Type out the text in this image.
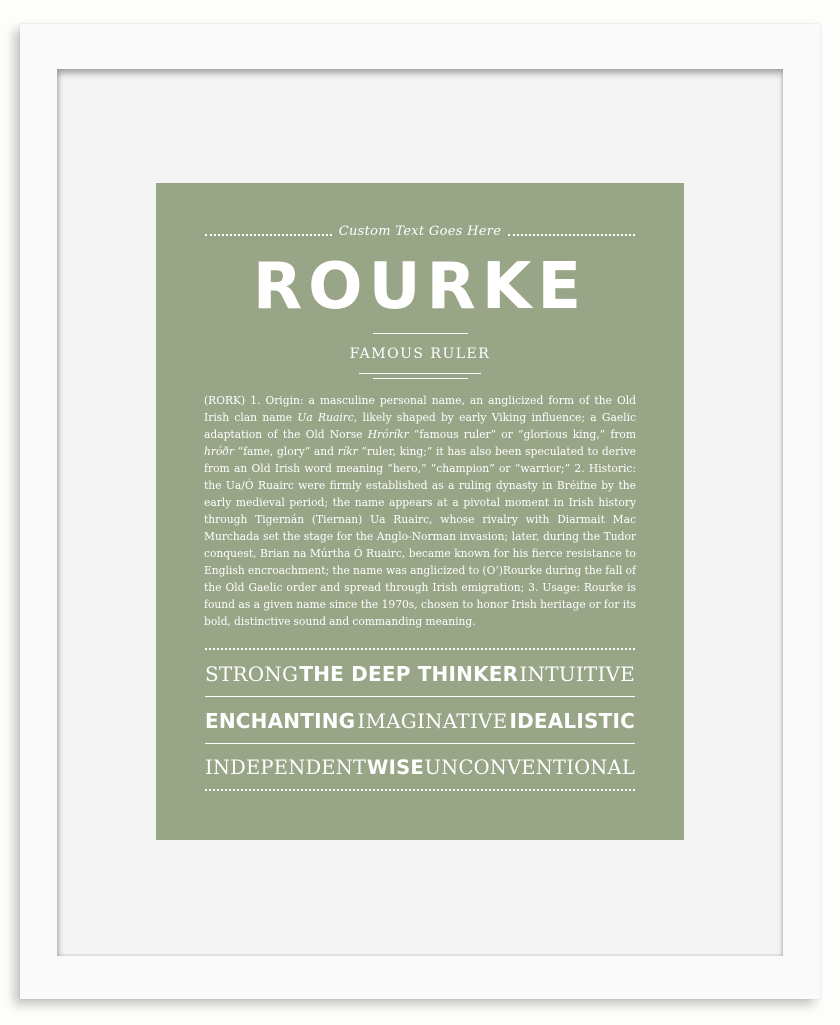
Custom Text Goes Here
ROURKE
FAMOUS RULER
(RORK) 1. Origin: a masculine personal name, an anglicized form of the Old Irish clan name Ua Ruairc, likely shaped by early Viking influence; a Gaelic adaptation of the Old Norse Hróríkr “famous ruler” or “glorious king,” from hróðr “fame, glory” and ríkr “ruler, king;” it has also been speculated to derive from an Old Irish word meaning “hero,” “champion” or “warrior;” 2. Historic: the Ua/Ó Ruairc were firmly established as a ruling dynasty in Bréifne by the early medieval period; the name appears at a pivotal moment in Irish history through Tigernán (Tiernan) Ua Ruairc, whose rivalry with Diarmait Mac Murchada set the stage for the Anglo-Norman invasion; later, during the Tudor conquest, Brian na Múrtha Ó Ruairc, became known for his fierce resistance to English encroachment; the name was anglicized to (O’)Rourke during the fall of the Old Gaelic order and spread through Irish emigration; 3. Usage: Rourke is found as a given name since the 1970s, chosen to honor Irish heritage or for its bold, distinctive sound and commanding meaning.
STRONG THE DEEP THINKER INTUITIVE
ENCHANTING IMAGINATIVE IDEALISTIC
INDEPENDENT WISE UNCONVENTIONAL
